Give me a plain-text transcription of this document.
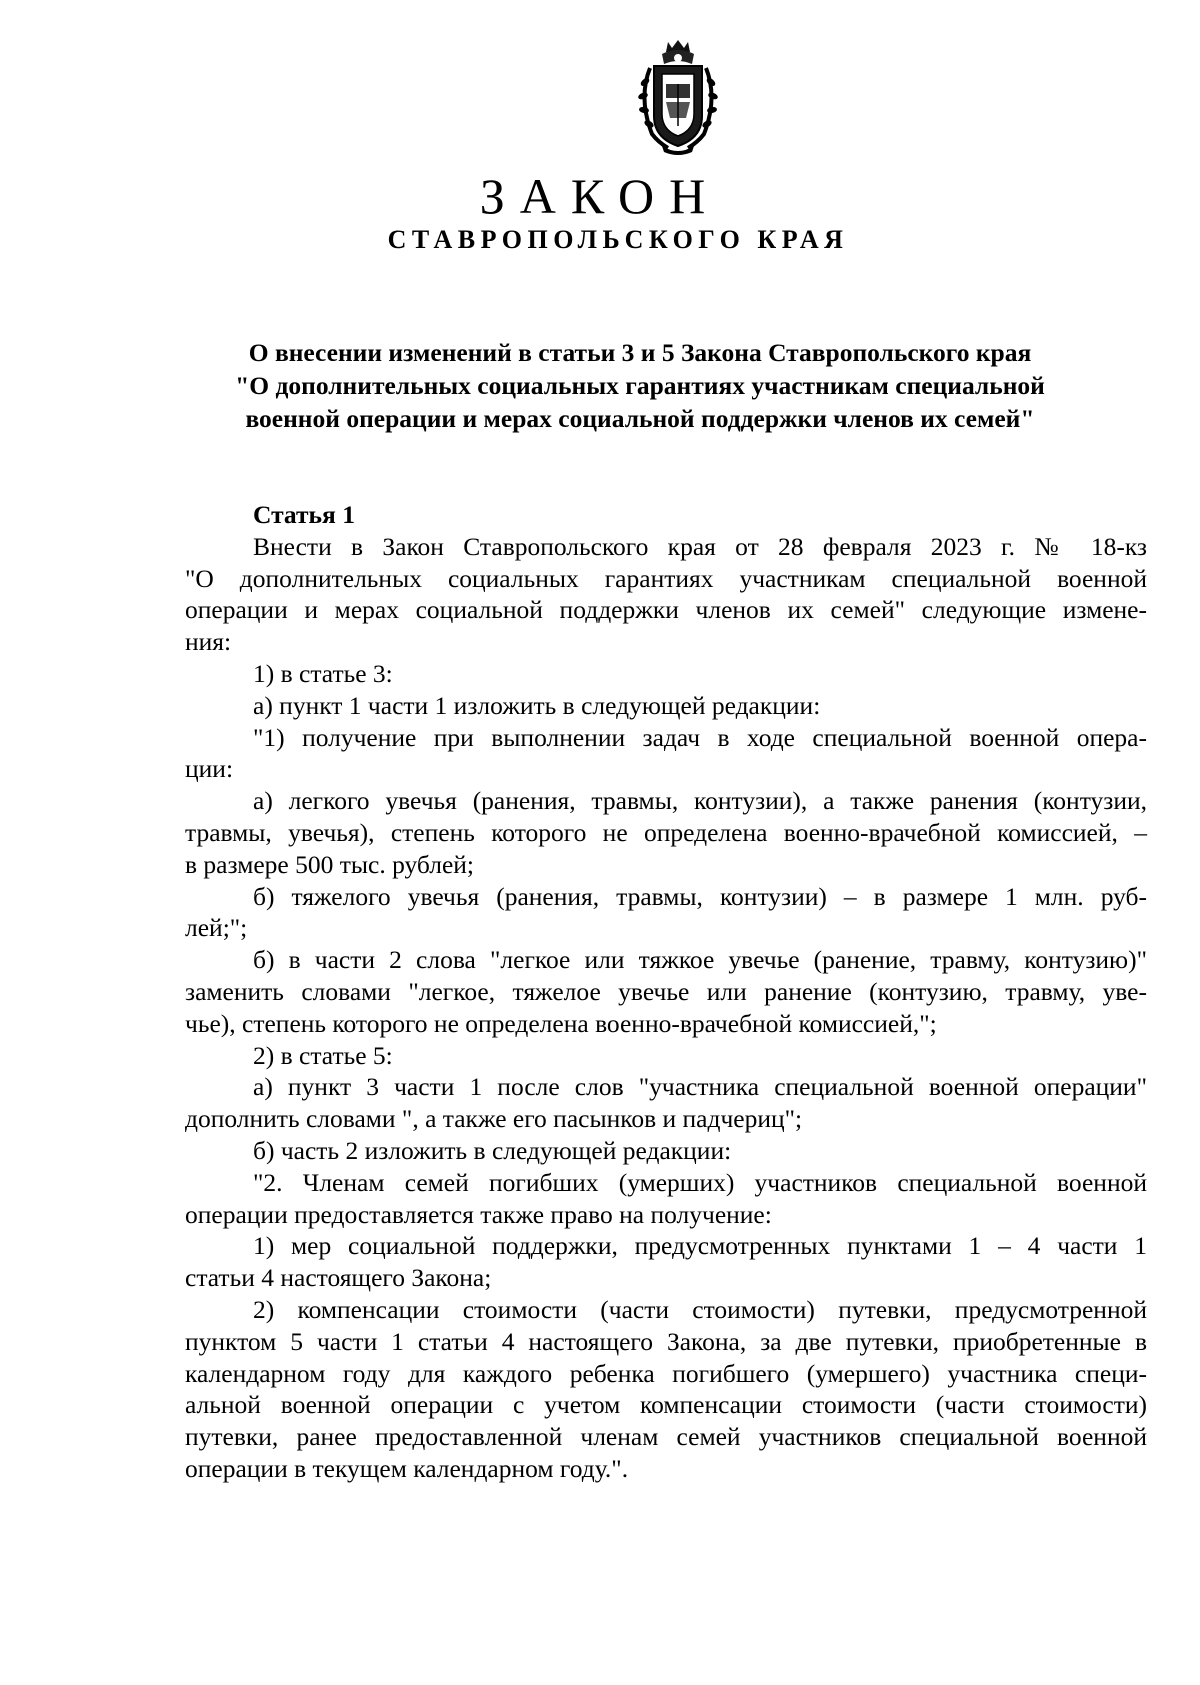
ЗАКОН
СТАВРОПОЛЬСКОГО КРАЯ
О внесении изменений в статьи 3 и 5 Закона Ставропольского края
"О дополнительных социальных гарантиях участникам специальной
военной операции и мерах социальной поддержки членов их семей"
Статья 1
Внести в Закон Ставропольского края от 28 февраля 2023 г. № 18-кз
"О дополнительных социальных гарантиях участникам специальной военной
операции и мерах социальной поддержки членов их семей" следующие измене-
ния:
1) в статье 3:
а) пункт 1 части 1 изложить в следующей редакции:
"1) получение при выполнении задач в ходе специальной военной опера-
ции:
а) легкого увечья (ранения, травмы, контузии), а также ранения (контузии,
травмы, увечья), степень которого не определена военно-врачебной комиссией, –
в размере 500 тыс. рублей;
б) тяжелого увечья (ранения, травмы, контузии) – в размере 1 млн. руб-
лей;";
б) в части 2 слова "легкое или тяжкое увечье (ранение, травму, контузию)"
заменить словами "легкое, тяжелое увечье или ранение (контузию, травму, уве-
чье), степень которого не определена военно-врачебной комиссией,";
2) в статье 5:
а) пункт 3 части 1 после слов "участника специальной военной операции"
дополнить словами ", а также его пасынков и падчериц";
б) часть 2 изложить в следующей редакции:
"2. Членам семей погибших (умерших) участников специальной военной
операции предоставляется также право на получение:
1) мер социальной поддержки, предусмотренных пунктами 1 – 4 части 1
статьи 4 настоящего Закона;
2) компенсации стоимости (части стоимости) путевки, предусмотренной
пунктом 5 части 1 статьи 4 настоящего Закона, за две путевки, приобретенные в
календарном году для каждого ребенка погибшего (умершего) участника специ-
альной военной операции с учетом компенсации стоимости (части стоимости)
путевки, ранее предоставленной членам семей участников специальной военной
операции в текущем календарном году.".
